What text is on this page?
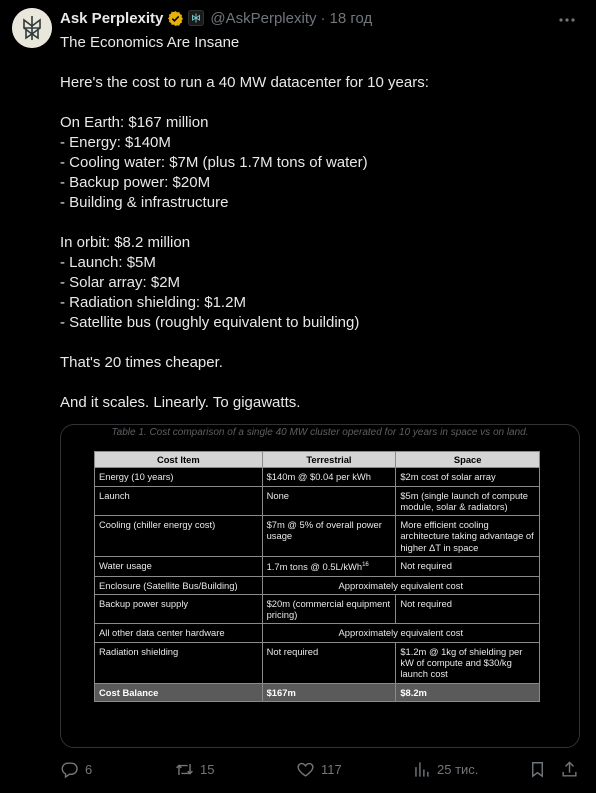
Ask Perplexity	@AskPerplexity · 18 год

The Economics Are Insane

Here's the cost to run a 40 MW datacenter for 10 years:

On Earth: $167 million

- Energy: $140M

- Cooling water: $7M (plus 1.7M tons of water)

- Backup power: $20M

- Building & infrastructure

In orbit: $8.2 million

- Launch: $5M

- Solar array: $2M

- Radiation shielding: $1.2M

- Satellite bus (roughly equivalent to building)

That's 20 times cheaper.

And it scales. Linearly. To gigawatts.

Table 1. Cost comparison of a single 40 MW cluster operated for 10 years in space vs on land.
Cost Item	Terrestrial	Space
Energy (10 years)	$140m @ $0.04 per kWh	$2m cost of solar array
Launch	None	$5m (single launch of compute module, solar & radiators)
Cooling (chiller energy cost)	$7m @ 5% of overall power usage	More efficient cooling architecture taking advantage of higher ΔT in space
Water usage	1.7m tons @ 0.5L/kWh$^{16}$	Not required
Enclosure (Satellite Bus/Building)	Approximately equivalent cost	
Backup power supply	$20m (commercial equipment pricing)	Not required
All other data center hardware	Approximately equivalent cost	
Radiation shielding	Not required	$1.2m @ 1kg of shielding per kW of compute and $30/kg launch cost
Cost Balance	$167m	$8.2m
6	15	117	25 тис.
